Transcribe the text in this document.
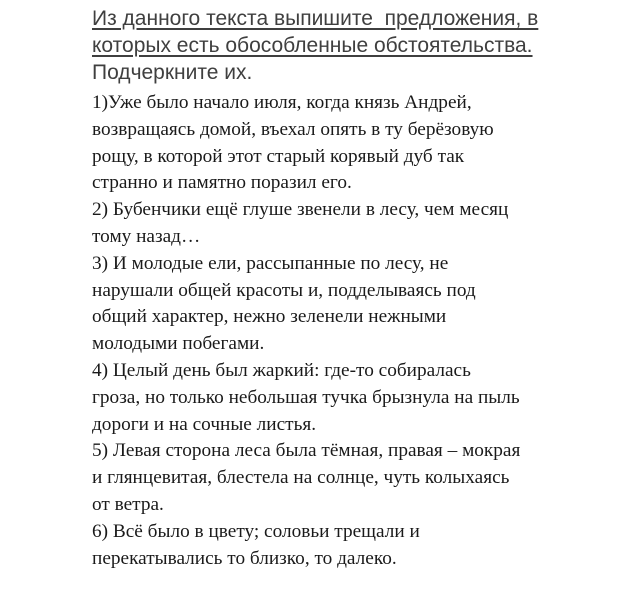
Из данного текста выпишите  предложения, в
которых есть обособленные обстоятельства.
Подчеркните их.
1)Уже было начало июля, когда князь Андрей,
возвращаясь домой, въехал опять в ту берёзовую
рощу, в которой этот старый корявый дуб так
странно и памятно поразил его.
2) Бубенчики ещё глуше звенели в лесу, чем месяц
тому назад…
3) И молодые ели, рассыпанные по лесу, не
нарушали общей красоты и, подделываясь под
общий характер, нежно зеленели нежными
молодыми побегами.
4) Целый день был жаркий: где-то собиралась
гроза, но только небольшая тучка брызнула на пыль
дороги и на сочные листья.
5) Левая сторона леса была тёмная, правая – мокрая
и глянцевитая, блестела на солнце, чуть колыхаясь
от ветра.
6) Всё было в цвету; соловьи трещали и
перекатывались то близко, то далеко.
